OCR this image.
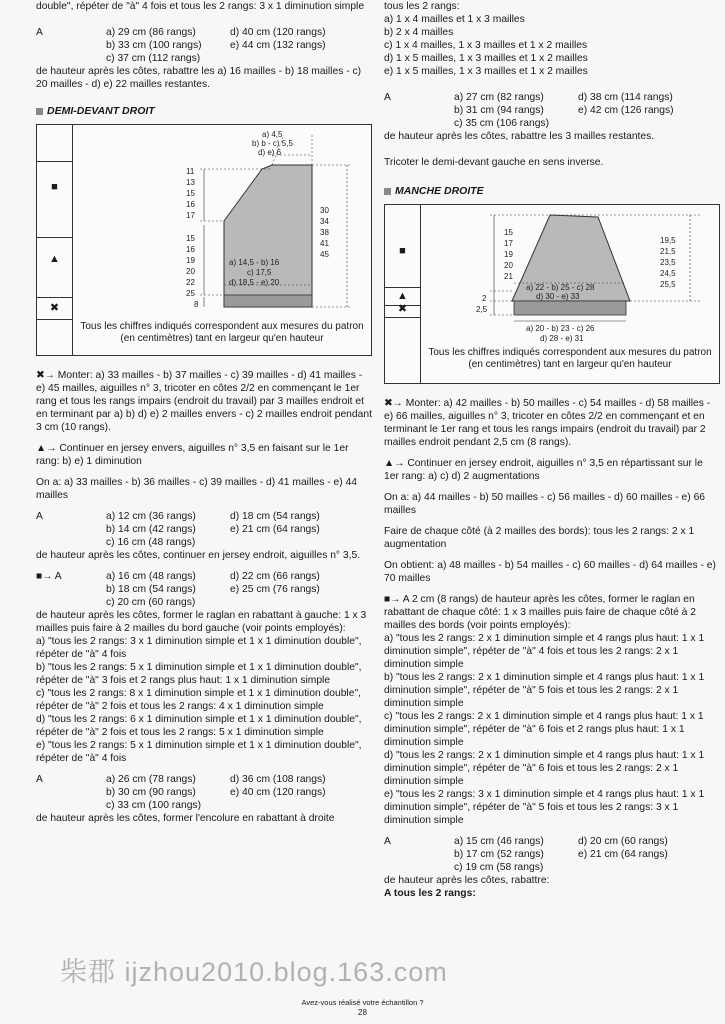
double", répéter de "à" 4 fois et tous les 2 rangs: 3 x 1 diminution simple

A	a) 29 cm (86 rangs)	d) 40 cm (120 rangs)
b) 33 cm (100 rangs)	e) 44 cm (132 rangs)
c) 37 cm (112 rangs)

de hauteur après les côtes, rabattre les a) 16 mailles - b) 18 mailles - c) 20 mailles - d) e) 22 mailles restantes.

DEMI-DEVANT DROIT
■
▲
✖
a) 4,5
b) b - c) 5,5
d) e) 6
11
13
15
16
17
15
16
19
20
22
25
8
30
34
38
41
45
a) 14,5 - b) 16
c) 17,5
d) 18,5 - e) 20
Tous les chiffres indiqués correspondent aux mesures du patron (en centimètres) tant en largeur qu'en hauteur

✖→ Monter: a) 33 mailles - b) 37 mailles - c) 39 mailles - d) 41 mailles - e) 45 mailles, aiguilles n° 3, tricoter en côtes 2/2 en commençant le 1er rang et tous les rangs impairs (endroit du travail) par 3 mailles endroit et en terminant par a) b) d) e) 2 mailles envers - c) 2 mailles endroit pendant 3 cm (10 rangs).

▲→ Continuer en jersey envers, aiguilles n° 3,5 en faisant sur le 1er rang: b) e) 1 diminution

On a: a) 33 mailles - b) 36 mailles - c) 39 mailles - d) 41 mailles - e) 44 mailles

A	a) 12 cm (36 rangs)	d) 18 cm (54 rangs)
b) 14 cm (42 rangs)	e) 21 cm (64 rangs)
c) 16 cm (48 rangs)

de hauteur après les côtes, continuer en jersey endroit, aiguilles n° 3,5.

■→ A	a) 16 cm (48 rangs)	d) 22 cm (66 rangs)
b) 18 cm (54 rangs)	e) 25 cm (76 rangs)
c) 20 cm (60 rangs)

de hauteur après les côtes, former le raglan en rabattant à gauche: 1 x 3 mailles puis faire à 2 mailles du bord gauche (voir points employés):

a) "tous les 2 rangs: 3 x 1 diminution simple et 1 x 1 diminution double", répéter de "à" 4 fois

b) "tous les 2 rangs: 5 x 1 diminution simple et 1 x 1 diminution double", répéter de "à" 3 fois et 2 rangs plus haut: 1 x 1 diminution simple

c) "tous les 2 rangs: 8 x 1 diminution simple et 1 x 1 diminution double", répéter de "à" 2 fois et tous les 2 rangs: 4 x 1 diminution simple

d) "tous les 2 rangs: 6 x 1 diminution simple et 1 x 1 diminution double", répéter de "à" 2 fois et tous les 2 rangs: 5 x 1 diminution simple

e) "tous les 2 rangs: 5 x 1 diminution simple et 1 x 1 diminution double", répéter de "à" 4 fois

A	a) 26 cm (78 rangs)	d) 36 cm (108 rangs)
b) 30 cm (90 rangs)	e) 40 cm (120 rangs)
c) 33 cm (100 rangs)

de hauteur après les côtes, former l'encolure en rabattant à droite

tous les 2 rangs:

a) 1 x 4 mailles et 1 x 3 mailles

b) 2 x 4 mailles

c) 1 x 4 mailles, 1 x 3 mailles et 1 x 2 mailles

d) 1 x 5 mailles, 1 x 3 mailles et 1 x 2 mailles

e) 1 x 5 mailles, 1 x 3 mailles et 1 x 2 mailles

A	a) 27 cm (82 rangs)	d) 38 cm (114 rangs)
b) 31 cm (94 rangs)	e) 42 cm (126 rangs)
c) 35 cm (106 rangs)

de hauteur après les côtes, rabattre les 3 mailles restantes.

Tricoter le demi-devant gauche en sens inverse.

MANCHE DROITE
■
▲
✖
15
17
19
20
21
19,5
21,5
23,5
24,5
25,5
2
2,5
a) 22 - b) 25 - c) 28
d) 30 - e) 33
a) 20 - b) 23 - c) 26
d) 28 - e) 31
Tous les chiffres indiqués correspondent aux mesures du patron (en centimètres) tant en largeur qu'en hauteur

✖→ Monter: a) 42 mailles - b) 50 mailles - c) 54 mailles - d) 58 mailles - e) 66 mailles, aiguilles n° 3, tricoter en côtes 2/2 en commençant et en terminant le 1er rang et tous les rangs impairs (endroit du travail) par 2 mailles endroit pendant 2,5 cm (8 rangs).

▲→ Continuer en jersey endroit, aiguilles n° 3,5 en répartissant sur le 1er rang: a) c) d) 2 augmentations

On a: a) 44 mailles - b) 50 mailles - c) 56 mailles - d) 60 mailles - e) 66 mailles

Faire de chaque côté (à 2 mailles des bords): tous les 2 rangs: 2 x 1 augmentation

On obtient: a) 48 mailles - b) 54 mailles - c) 60 mailles - d) 64 mailles - e) 70 mailles

■→ A 2 cm (8 rangs) de hauteur après les côtes, former le raglan en rabattant de chaque côté: 1 x 3 mailles puis faire de chaque côté à 2 mailles des bords (voir points employés):

a) "tous les 2 rangs: 2 x 1 diminution simple et 4 rangs plus haut: 1 x 1 diminution simple", répéter de "à" 4 fois et tous les 2 rangs: 2 x 1 diminution simple

b) "tous les 2 rangs: 2 x 1 diminution simple et 4 rangs plus haut: 1 x 1 diminution simple", répéter de "à" 5 fois et tous les 2 rangs: 2 x 1 diminution simple

c) "tous les 2 rangs: 2 x 1 diminution simple et 4 rangs plus haut: 1 x 1 diminution simple", répéter de "à" 6 fois et 2 rangs plus haut: 1 x 1 diminution simple

d) "tous les 2 rangs: 2 x 1 diminution simple et 4 rangs plus haut: 1 x 1 diminution simple", répéter de "à" 6 fois et tous les 2 rangs: 2 x 1 diminution simple

e) "tous les 2 rangs: 3 x 1 diminution simple et 4 rangs plus haut: 1 x 1 diminution simple", répéter de "à" 5 fois et tous les 2 rangs: 3 x 1 diminution simple

A	a) 15 cm (46 rangs)	d) 20 cm (60 rangs)
b) 17 cm (52 rangs)	e) 21 cm (64 rangs)
c) 19 cm (58 rangs)

de hauteur après les côtes, rabattre:

A tous les 2 rangs:

柴郡 ijzhou2010.blog.163.com
Avez-vous réalisé votre échantillon ?
28
